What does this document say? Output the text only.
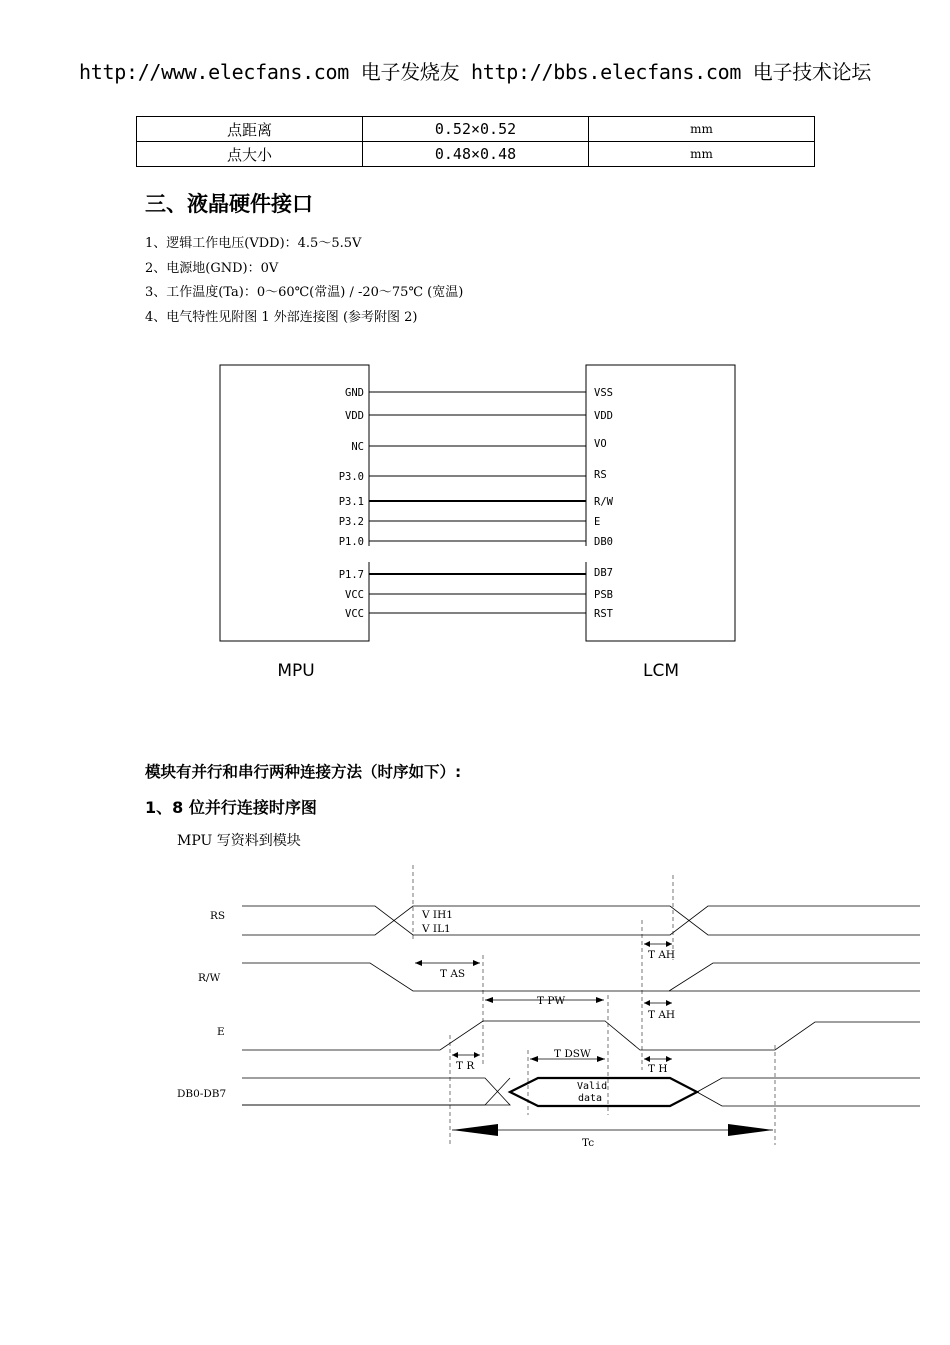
http://www.elecfans.com 电子发烧友 http://bbs.elecfans.com 电子技术论坛
点距离	0.52×0.52	mm
点大小	0.48×0.48	mm
三、液晶硬件接口
1、逻辑工作电压(VDD)：4.5～5.5V
2、电源地(GND)：0V
3、工作温度(Ta)：0～60℃(常温) / -20～75℃ (宽温)
4、电气特性见附图 1 外部连接图 (参考附图 2)
GND
VDD
NC
P3.0
P3.1
P3.2
P1.0
P1.7
VCC
VCC
VSS
VDD
VO
RS
R/W
E
DB0
DB7
PSB
RST
MPU	LCM
模块有并行和串行两种连接方法（时序如下）:
1、8 位并行连接时序图
MPU 写资料到模块
RS
R/W
E
DB0-DB7
V IH1
V IL1
T AS
T PW
T AH
T AH
T R
T DSW
T H
Valid
data
Tc
